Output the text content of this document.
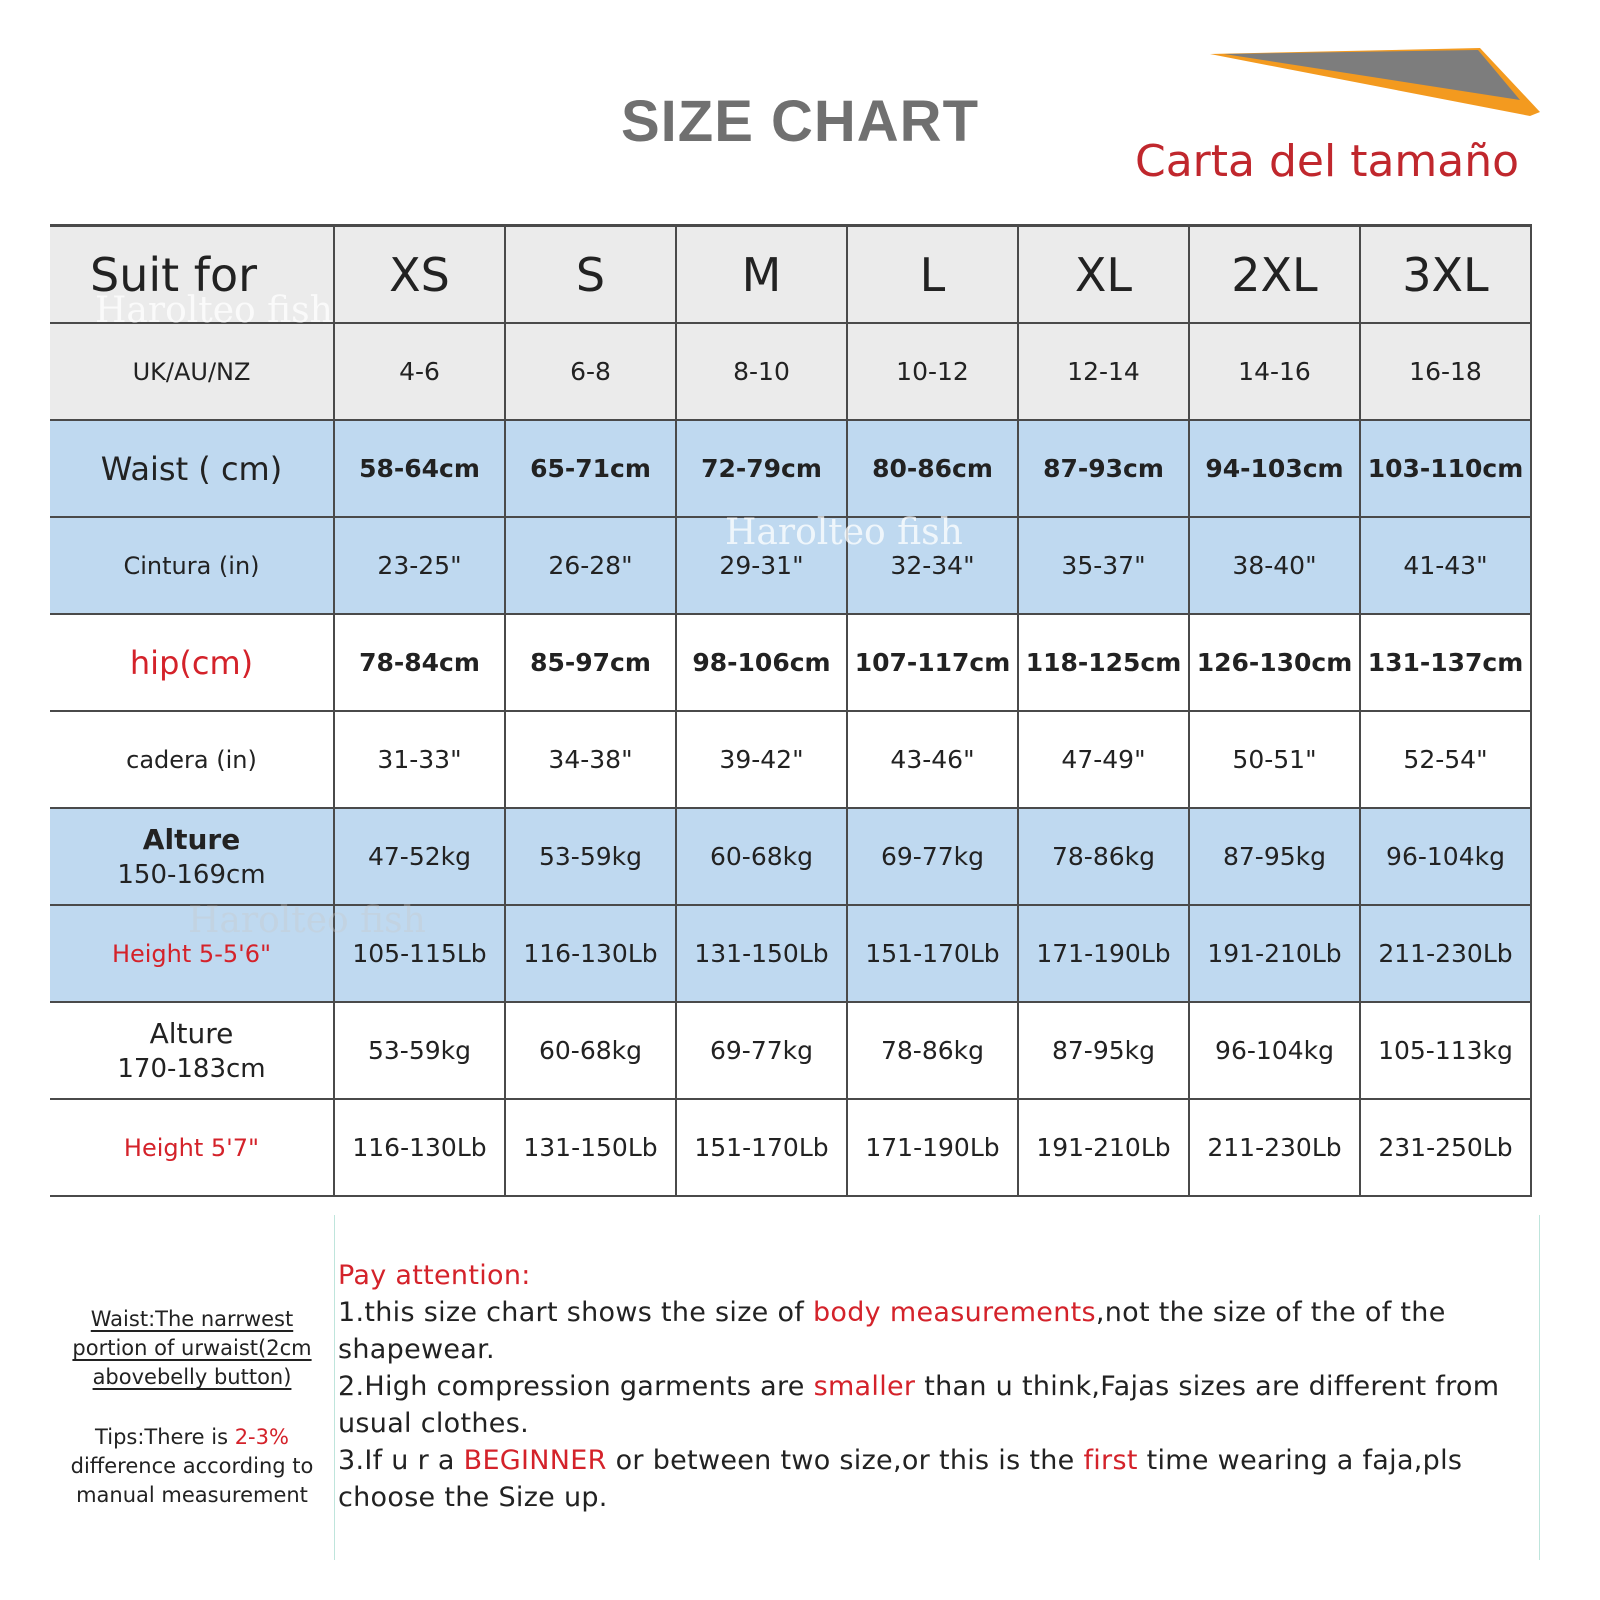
SIZE CHART

Carta del tamaño

Suit for	XS	S	M	L	XL	2XL	3XL
UK/AU/NZ	4-6	6-8	8-10	10-12	12-14	14-16	16-18
Waist ( cm)	58-64cm	65-71cm	72-79cm	80-86cm	87-93cm	94-103cm	103-110cm
Cintura (in)	23-25"	26-28"	29-31"	32-34"	35-37"	38-40"	41-43"
hip(cm)	78-84cm	85-97cm	98-106cm	107-117cm	118-125cm	126-130cm	131-137cm
cadera (in)	31-33"	34-38"	39-42"	43-46"	47-49"	50-51"	52-54"

Alture
150-169cm	47-52kg	53-59kg	60-68kg	69-77kg	78-86kg	87-95kg	96-104kg
Height 5-5'6"	105-115Lb	116-130Lb	131-150Lb	151-170Lb	171-190Lb	191-210Lb	211-230Lb

Alture
170-183cm	53-59kg	60-68kg	69-77kg	78-86kg	87-95kg	96-104kg	105-113kg
Height 5'7"	116-130Lb	131-150Lb	151-170Lb	171-190Lb	191-210Lb	211-230Lb	231-250Lb
Harolteo fish
Harolteo fish
Harolteo fish
Waist:The narrwest
portion of urwaist(2cm
abovebelly button)
Tips:There is 2-3%
difference according to
manual measurement

Pay attention:

1.this size chart shows the size of body measurements,not the size of the of the shapewear.

2.High compression garments are smaller than u think,Fajas sizes are different from usual clothes.

3.If u r a BEGINNER or between two size,or this is the first time wearing a faja,pls choose the Size up.
